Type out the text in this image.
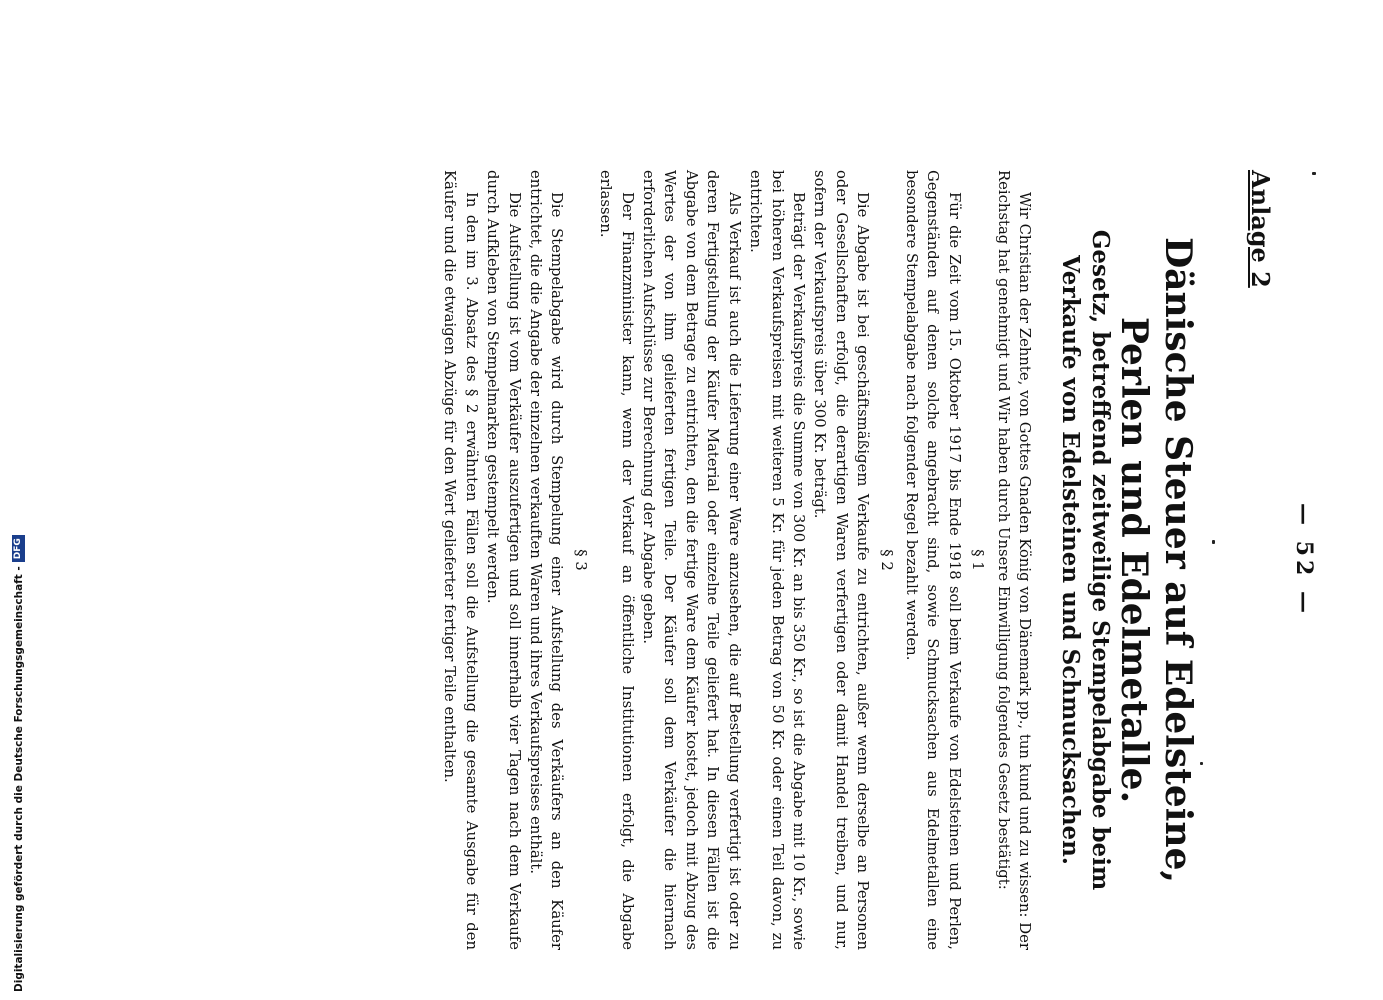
— 52 —
Anlage 2
Dänische Steuer auf Edelsteine, Perlen und Edelmetalle.
Gesetz, betreffend zeitweilige Stempelabgabe beim Verkaufe von Edelsteinen und Schmucksachen.

Wir Christian der Zehnte, von Gottes Gnaden König von Dänemark pp., tun kund und zu wissen: Der Reichstag hat genehmigt und Wir haben durch Unsere Einwilligung folgendes Gesetz bestätigt:

§ 1

Für die Zeit vom 15. Oktober 1917 bis Ende 1918 soll beim Verkaufe von Edelsteinen und Perlen, Gegenständen auf denen solche angebracht sind, sowie Schmucksachen aus Edelmetallen eine besondere Stempelabgabe nach folgender Regel bezahlt werden.

§ 2

Die Abgabe ist bei geschäftsmäßigem Verkaufe zu entrichten, außer wenn derselbe an Personen oder Gesellschaften erfolgt, die derartigen Waren verfertigen oder damit Handel treiben, und nur, sofern der Verkaufspreis über 300 Kr. beträgt.

Beträgt der Verkaufspreis die Summe von 300 Kr. an bis 350 Kr., so ist die Abgabe mit 10 Kr., sowie bei höheren Verkaufspreisen mit weiteren 5 Kr. für jeden Betrag von 50 Kr. oder einen Teil davon, zu entrichten.

Als Verkauf ist auch die Lieferung einer Ware anzusehen, die auf Bestellung verfertigt ist oder zu deren Fertigstellung der Käufer Material oder einzelne Teile geliefert hat. In diesen Fällen ist die Abgabe von dem Betrage zu entrichten, den die fertige Ware dem Käufer kostet, jedoch mit Abzug des Wertes der von ihm gelieferten fertigen Teile. Der Käufer soll dem Verkäufer die hiernach erforderlichen Aufschlüsse zur Berechnung der Abgabe geben.

Der Finanzminister kann, wenn der Verkauf an öffentliche Institutionen erfolgt, die Abgabe erlassen.

§ 3

Die Stempelabgabe wird durch Stempelung einer Aufstellung des Verkäufers an den Käufer entrichtet, die die Angabe der einzelnen verkauften Waren und ihres Verkaufspreises enthält.

Die Aufstellung ist vom Verkäufer auszufertigen und soll innerhalb vier Tagen nach dem Verkaufe durch Aufkleben von Stempelmarken gestempelt werden.

In den im 3. Absatz des § 2 erwähnten Fällen soll die Aufstellung die gesamte Ausgabe für den Käufer und die etwaigen Abzüge für den Wert gelieferter fertiger Teile enthalten.

Digitalisierung gefördert durch die Deutsche Forschungsgemeinschaft -
DFG
